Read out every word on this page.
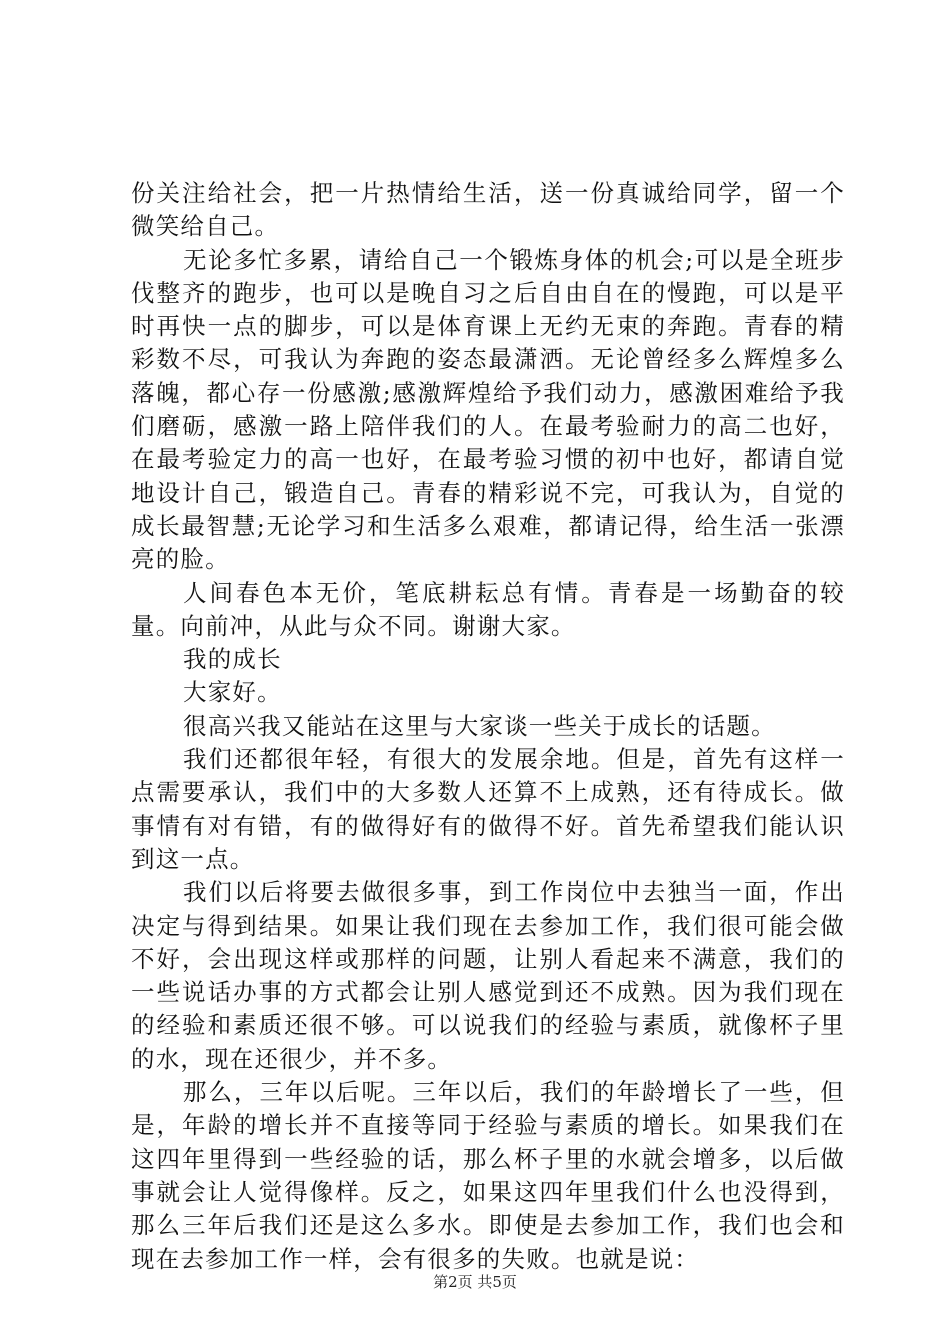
份关注给社会，把一片热情给生活，送一份真诚给同学，留一个微笑给自己。

无论多忙多累，请给自己一个锻炼身体的机会;可以是全班步伐整齐的跑步，也可以是晚自习之后自由自在的慢跑，可以是平时再快一点的脚步，可以是体育课上无约无束的奔跑。青春的精彩数不尽，可我认为奔跑的姿态最潇洒。无论曾经多么辉煌多么落魄，都心存一份感激;感激辉煌给予我们动力，感激困难给予我们磨砺，感激一路上陪伴我们的人。在最考验耐力的高二也好，在最考验定力的高一也好，在最考验习惯的初中也好，都请自觉地设计自己，锻造自己。青春的精彩说不完，可我认为，自觉的成长最智慧;无论学习和生活多么艰难，都请记得，给生活一张漂亮的脸。

人间春色本无价，笔底耕耘总有情。青春是一场勤奋的较量。向前冲，从此与众不同。谢谢大家。

我的成长

大家好。

很高兴我又能站在这里与大家谈一些关于成长的话题。

我们还都很年轻，有很大的发展余地。但是，首先有这样一点需要承认，我们中的大多数人还算不上成熟，还有待成长。做事情有对有错，有的做得好有的做得不好。首先希望我们能认识到这一点。

我们以后将要去做很多事，到工作岗位中去独当一面，作出决定与得到结果。如果让我们现在去参加工作，我们很可能会做不好，会出现这样或那样的问题，让别人看起来不满意，我们的一些说话办事的方式都会让别人感觉到还不成熟。因为我们现在的经验和素质还很不够。可以说我们的经验与素质，就像杯子里的水，现在还很少，并不多。

那么，三年以后呢。三年以后，我们的年龄增长了一些，但是，年龄的增长并不直接等同于经验与素质的增长。如果我们在这四年里得到一些经验的话，那么杯子里的水就会增多，以后做事就会让人觉得像样。反之，如果这四年里我们什么也没得到，那么三年后我们还是这么多水。即使是去参加工作，我们也会和现在去参加工作一样，会有很多的失败。也就是说：

第2页 共5页
